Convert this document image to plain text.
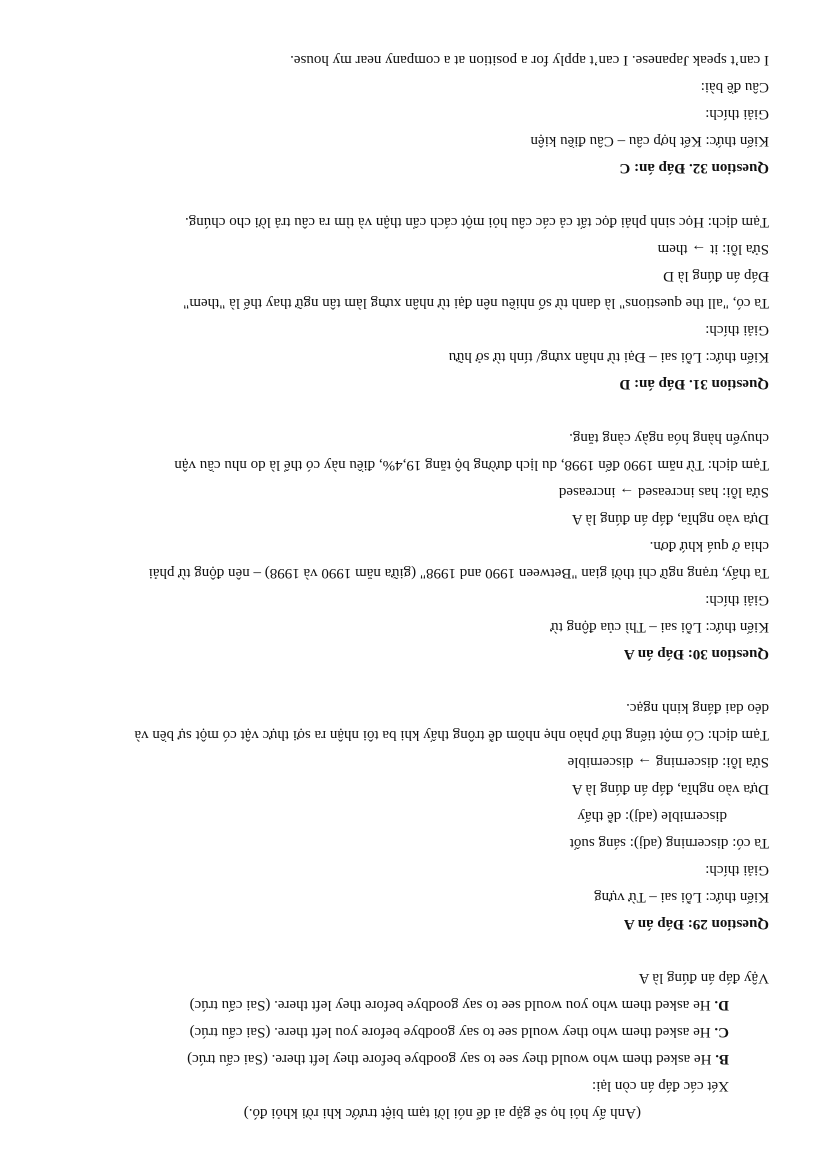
(Anh ấy hỏi họ sẽ gặp ai để nói lời tạm biệt trước khi rời khỏi đó.)

Xét các đáp án còn lại:

B. He asked them who would they see to say goodbye before they left there. (Sai cấu trúc)

C. He asked them who they would see to say goodbye before you left there. (Sai cấu trúc)

D. He asked them who you would see to say goodbye before they left there. (Sai cấu trúc)

Vậy đáp án đúng là A

Question 29: Đáp án A

Kiến thức: Lỗi sai – Từ vựng

Giải thích:

Ta có: discerning (adj): sáng suốt

discernible (adj): dễ thấy

Dựa vào nghĩa, đáp án đúng là A

Sửa lỗi: discerning → discernible

Tạm dịch: Có một tiếng thở phào nhẹ nhõm dễ trông thấy khi ba tôi nhận ra sợi thực vật có một sự bền và

dẻo dai đáng kinh ngạc.

Question 30: Đáp án A

Kiến thức: Lỗi sai – Thì của động từ

Giải thích:

Ta thấy, trạng ngữ chỉ thời gian "Between 1990 and 1998" (giữa năm 1990 và 1998) – nên động từ phải

chia ở quá khứ đơn.

Dựa vào nghĩa, đáp án đúng là A

Sửa lỗi: has increased → increased

Tạm dịch: Từ năm 1990 đến 1998, du lịch đường bộ tăng 19,4%, điều này có thể là do nhu cầu vận

chuyển hàng hóa ngày càng tăng.

Question 31. Đáp án: D

Kiến thức: Lỗi sai – Đại từ nhân xưng/ tính từ sở hữu

Giải thích:

Ta có, "all the questions" là danh từ số nhiều nên đại từ nhân xưng làm tân ngữ thay thế là "them"

Đáp án đúng là D

Sửa lỗi: it → them

Tạm dịch: Học sinh phải đọc tất cả các câu hỏi một cách cẩn thận và tìm ra câu trả lời cho chúng.

Question 32. Đáp án: C

Kiến thức: Kết hợp câu – Câu điều kiện

Giải thích:

Câu đề bài:

I can’t speak Japanese. I can’t apply for a position at a company near my house.
